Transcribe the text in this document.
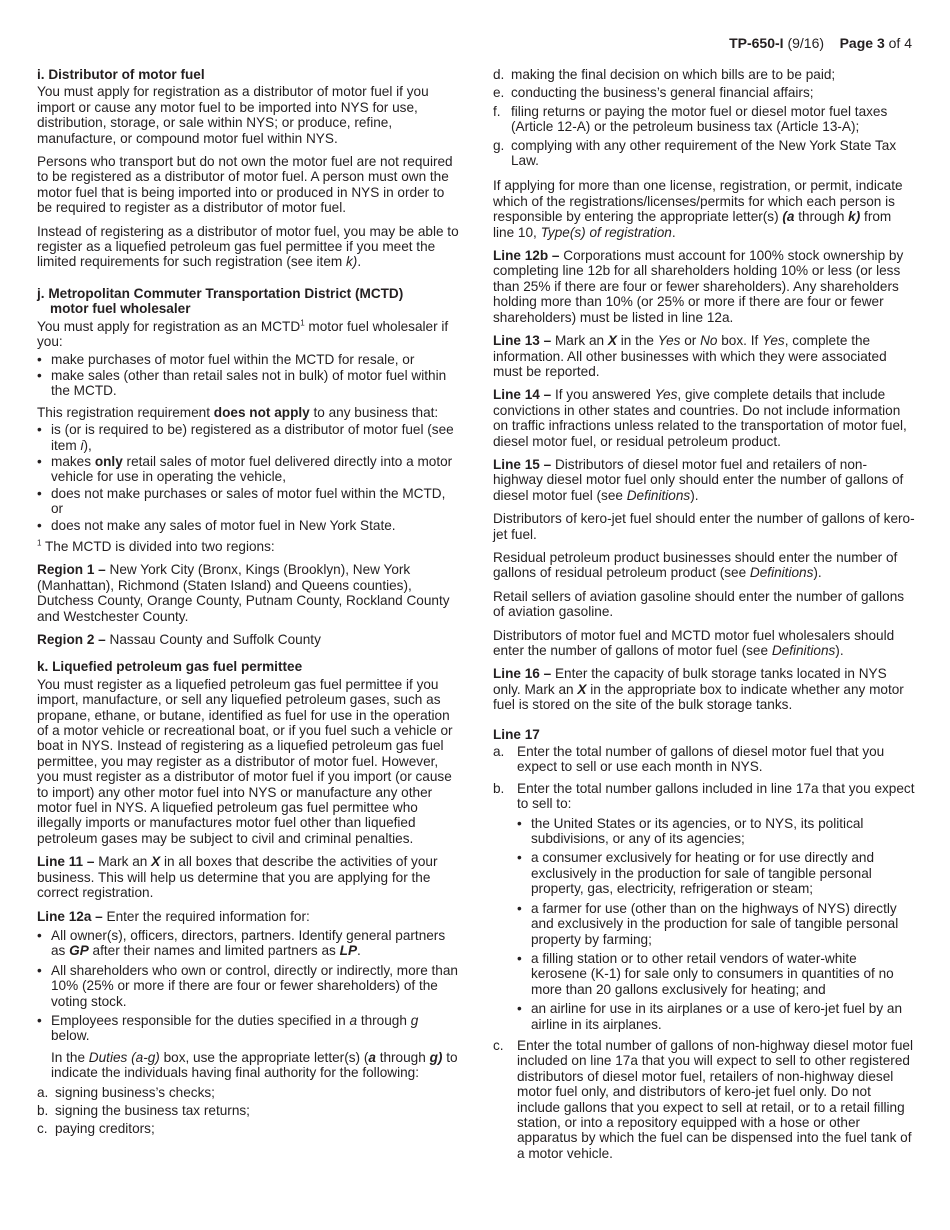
TP-650-I (9/16) Page 3 of 4
i. Distributor of motor fuel

You must apply for registration as a distributor of motor fuel if you import or cause any motor fuel to be imported into NYS for use, distribution, storage, or sale within NYS; or produce, refine, manufacture, or compound motor fuel within NYS.

Persons who transport but do not own the motor fuel are not required to be registered as a distributor of motor fuel. A person must own the motor fuel that is being imported into or produced in NYS in order to be required to register as a distributor of motor fuel.

Instead of registering as a distributor of motor fuel, you may be able to register as a liquefied petroleum gas fuel permittee if you meet the limited requirements for such registration (see item k).

j. Metropolitan Commuter Transportation District (MCTD)
motor fuel wholesaler

You must apply for registration as an MCTD$^1$ motor fuel wholesaler if you:

• make purchases of motor fuel within the MCTD for resale, or
• make sales (other than retail sales not in bulk) of motor fuel within the MCTD.

This registration requirement does not apply to any business that:

• is (or is required to be) registered as a distributor of motor fuel (see item i),
• makes only retail sales of motor fuel delivered directly into a motor vehicle for use in operating the vehicle,
• does not make purchases or sales of motor fuel within the MCTD, or
• does not make any sales of motor fuel in New York State.

$^1$ The MCTD is divided into two regions:

Region 1 – New York City (Bronx, Kings (Brooklyn), New York (Manhattan), Richmond (Staten Island) and Queens counties), Dutchess County, Orange County, Putnam County, Rockland County and Westchester County.

Region 2 – Nassau County and Suffolk County

k. Liquefied petroleum gas fuel permittee

You must register as a liquefied petroleum gas fuel permittee if you import, manufacture, or sell any liquefied petroleum gases, such as propane, ethane, or butane, identified as fuel for use in the operation of a motor vehicle or recreational boat, or if you fuel such a vehicle or boat in NYS. Instead of registering as a liquefied petroleum gas fuel permittee, you may register as a distributor of motor fuel. However, you must register as a distributor of motor fuel if you import (or cause to import) any other motor fuel into NYS or manufacture any other motor fuel in NYS. A liquefied petroleum gas fuel permittee who illegally imports or manufactures motor fuel other than liquefied petroleum gases may be subject to civil and criminal penalties.

Line 11 – Mark an X in all boxes that describe the activities of your business. This will help us determine that you are applying for the correct registration.

Line 12a – Enter the required information for:

• All owner(s), officers, directors, partners. Identify general partners as GP after their names and limited partners as LP.
• All shareholders who own or control, directly or indirectly, more than 10% (25% or more if there are four or fewer shareholders) of the voting stock.
• Employees responsible for the duties specified in a through g below.

In the Duties (a-g) box, use the appropriate letter(s) (a through g) to indicate the individuals having final authority for the following:

a. signing business’s checks;
b. signing the business tax returns;
c. paying creditors;
d. making the final decision on which bills are to be paid;
e. conducting the business’s general financial affairs;
f. filing returns or paying the motor fuel or diesel motor fuel taxes (Article 12-A) or the petroleum business tax (Article 13-A);
g. complying with any other requirement of the New York State Tax Law.

If applying for more than one license, registration, or permit, indicate which of the registrations/licenses/permits for which each person is responsible by entering the appropriate letter(s) (a through k) from line 10, Type(s) of registration.

Line 12b – Corporations must account for 100% stock ownership by completing line 12b for all shareholders holding 10% or less (or less than 25% if there are four or fewer shareholders). Any shareholders holding more than 10% (or 25% or more if there are four or fewer shareholders) must be listed in line 12a.

Line 13 – Mark an X in the Yes or No box. If Yes, complete the information. All other businesses with which they were associated must be reported.

Line 14 – If you answered Yes, give complete details that include convictions in other states and countries. Do not include information on traffic infractions unless related to the transportation of motor fuel, diesel motor fuel, or residual petroleum product.

Line 15 – Distributors of diesel motor fuel and retailers of non-highway diesel motor fuel only should enter the number of gallons of diesel motor fuel (see Definitions).

Distributors of kero-jet fuel should enter the number of gallons of kero-jet fuel.

Residual petroleum product businesses should enter the number of gallons of residual petroleum product (see Definitions).

Retail sellers of aviation gasoline should enter the number of gallons of aviation gasoline.

Distributors of motor fuel and MCTD motor fuel wholesalers should enter the number of gallons of motor fuel (see Definitions).

Line 16 – Enter the capacity of bulk storage tanks located in NYS only. Mark an X in the appropriate box to indicate whether any motor fuel is stored on the site of the bulk storage tanks.

Line 17
a. Enter the total number of gallons of diesel motor fuel that you expect to sell or use each month in NYS.
b. Enter the total number gallons included in line 17a that you expect to sell to:
• the United States or its agencies, or to NYS, its political subdivisions, or any of its agencies;
• a consumer exclusively for heating or for use directly and exclusively in the production for sale of tangible personal property, gas, electricity, refrigeration or steam;
• a farmer for use (other than on the highways of NYS) directly and exclusively in the production for sale of tangible personal property by farming;
• a filling station or to other retail vendors of water-white kerosene (K-1) for sale only to consumers in quantities of no more than 20 gallons exclusively for heating; and
• an airline for use in its airplanes or a use of kero-jet fuel by an airline in its airplanes.
c. Enter the total number of gallons of non-highway diesel motor fuel included on line 17a that you will expect to sell to other registered distributors of diesel motor fuel, retailers of non-highway diesel motor fuel only, and distributors of kero-jet fuel only. Do not include gallons that you expect to sell at retail, or to a retail filling station, or into a repository equipped with a hose or other apparatus by which the fuel can be dispensed into the fuel tank of a motor vehicle.
